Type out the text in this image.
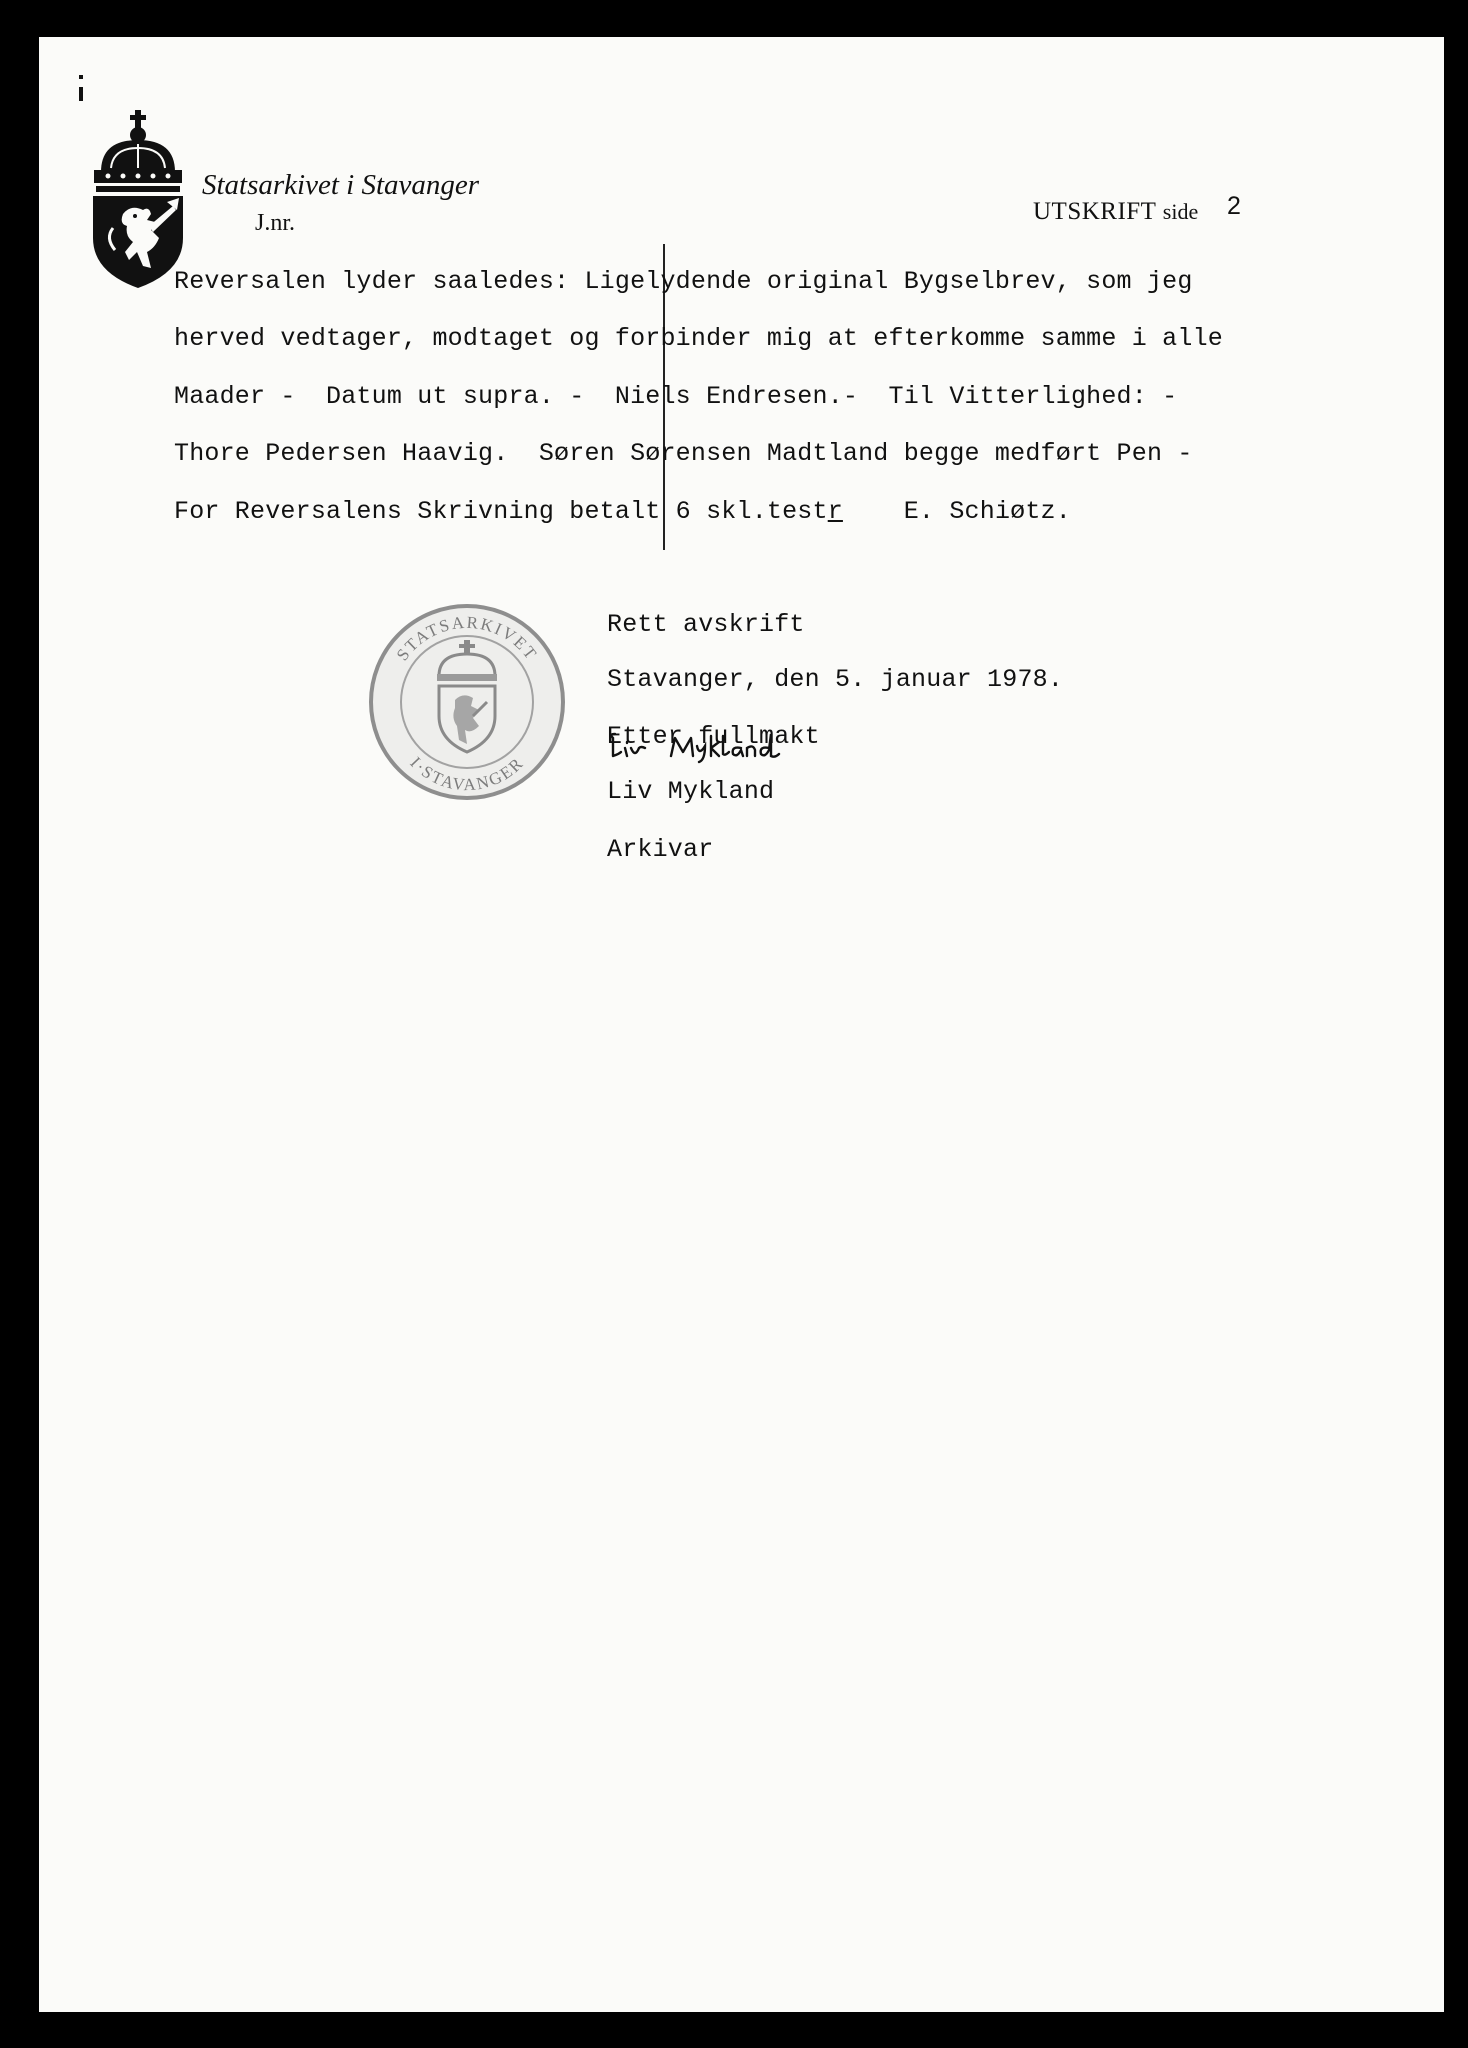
Statsarkivet i Stavanger
J.nr.	UTSKRIFT side 2
Reversalen lyder saaledes: Ligelydende original Bygselbrev, som jeg
herved vedtager, modtaget og forbinder mig at efterkomme samme i alle
Maader -  Datum ut supra. -  Niels Endresen.-  Til Vitterlighed: -
Thore Pedersen Haavig.  Søren Sørensen Madtland begge medført Pen -
For Reversalens Skrivning betalt 6 skl.testr    E. Schiøtz.
STATSARKIVET
I·STAVANGER
Rett avskrift
Stavanger, den 5. januar 1978.
Etter fullmakt
Liv Mykland
Arkivar
